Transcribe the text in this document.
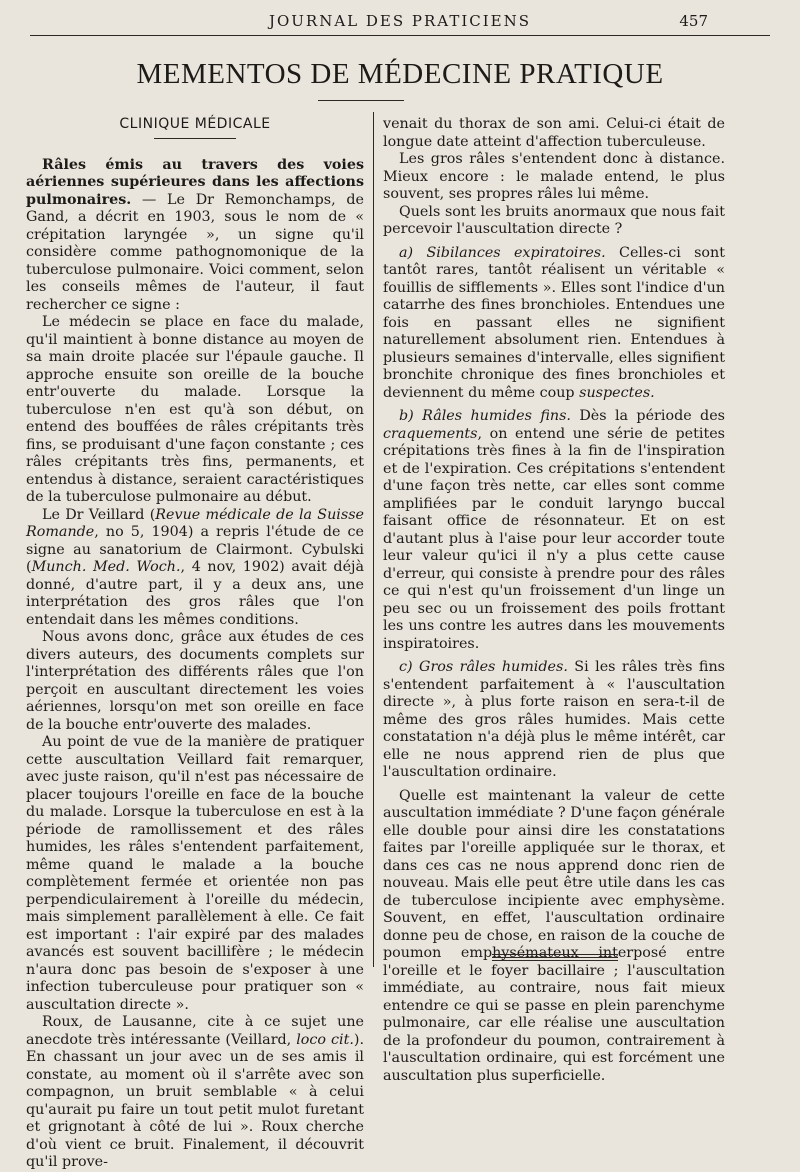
JOURNAL DES PRATICIENS	457
MEMENTOS DE MÉDECINE PRATIQUE
CLINIQUE MÉDICALE

Râles émis au travers des voies aériennes supérieures dans les affections pulmonaires. — Le Dr Remonchamps, de Gand, a décrit en 1903, sous le nom de « crépitation laryngée », un signe qu'il considère comme pathognomonique de la tuberculose pulmonaire. Voici comment, selon les conseils mêmes de l'auteur, il faut rechercher ce signe :

Le médecin se place en face du malade, qu'il maintient à bonne distance au moyen de sa main droite placée sur l'épaule gauche. Il approche ensuite son oreille de la bouche entr'ouverte du malade. Lorsque la tuberculose n'en est qu'à son début, on entend des bouffées de râles crépitants très fins, se produisant d'une façon constante ; ces râles crépitants très fins, permanents, et entendus à distance, seraient caractéristiques de la tuberculose pulmonaire au début.

Le Dr Veillard (Revue médicale de la Suisse Romande, no 5, 1904) a repris l'étude de ce signe au sanatorium de Clairmont. Cybulski (Munch. Med. Woch., 4 nov, 1902) avait déjà donné, d'autre part, il y a deux ans, une interprétation des gros râles que l'on entendait dans les mêmes conditions.

Nous avons donc, grâce aux études de ces divers auteurs, des documents complets sur l'interprétation des différents râles que l'on perçoit en auscultant directement les voies aériennes, lorsqu'on met son oreille en face de la bouche entr'ouverte des malades.

Au point de vue de la manière de pratiquer cette auscultation Veillard fait remarquer, avec juste raison, qu'il n'est pas nécessaire de placer toujours l'oreille en face de la bouche du malade. Lorsque la tuberculose en est à la période de ramollissement et des râles humides, les râles s'entendent parfaitement, même quand le malade a la bouche complètement fermée et orientée non pas perpendiculairement à l'oreille du médecin, mais simplement parallèlement à elle. Ce fait est important : l'air expiré par des malades avancés est souvent bacillifère ; le médecin n'aura donc pas besoin de s'exposer à une infection tuberculeuse pour pratiquer son « auscultation directe ».

Roux, de Lausanne, cite à ce sujet une anecdote très intéressante (Veillard, loco cit.). En chassant un jour avec un de ses amis il constate, au moment où il s'arrête avec son compagnon, un bruit semblable « à celui qu'aurait pu faire un tout petit mulot furetant et grignotant à côté de lui ». Roux cherche d'où vient ce bruit. Finalement, il découvrit qu'il prove-

venait du thorax de son ami. Celui-ci était de longue date atteint d'affection tuberculeuse.

Les gros râles s'entendent donc à distance. Mieux encore : le malade entend, le plus souvent, ses propres râles lui même.

Quels sont les bruits anormaux que nous fait percevoir l'auscultation directe ?

a) Sibilances expiratoires. Celles-ci sont tantôt rares, tantôt réalisent un véritable « fouillis de sifflements ». Elles sont l'indice d'un catarrhe des fines bronchioles. Entendues une fois en passant elles ne signifient naturellement absolument rien. Entendues à plusieurs semaines d'intervalle, elles signifient bronchite chronique des fines bronchioles et deviennent du même coup suspectes.

b) Râles humides fins. Dès la période des craquements, on entend une série de petites crépitations très fines à la fin de l'inspiration et de l'expiration. Ces crépitations s'entendent d'une façon très nette, car elles sont comme amplifiées par le conduit laryngo buccal faisant office de résonnateur. Et on est d'autant plus à l'aise pour leur accorder toute leur valeur qu'ici il n'y a plus cette cause d'erreur, qui consiste à prendre pour des râles ce qui n'est qu'un froissement d'un linge un peu sec ou un froissement des poils frottant les uns contre les autres dans les mouvements inspiratoires.

c) Gros râles humides. Si les râles très fins s'entendent parfaitement à « l'auscultation directe », à plus forte raison en sera-t-il de même des gros râles humides. Mais cette constatation n'a déjà plus le même intérêt, car elle ne nous apprend rien de plus que l'auscultation ordinaire.

Quelle est maintenant la valeur de cette auscultation immédiate ? D'une façon générale elle double pour ainsi dire les constatations faites par l'oreille appliquée sur le thorax, et dans ces cas ne nous apprend donc rien de nouveau. Mais elle peut être utile dans les cas de tuberculose incipiente avec emphysème. Souvent, en effet, l'auscultation ordinaire donne peu de chose, en raison de la couche de poumon emphysémateux interposé entre l'oreille et le foyer bacillaire ; l'auscultation immédiate, au contraire, nous fait mieux entendre ce qui se passe en plein parenchyme pulmonaire, car elle réalise une auscultation de la profondeur du poumon, contrairement à l'auscultation ordinaire, qui est forcément une auscultation plus superficielle.
